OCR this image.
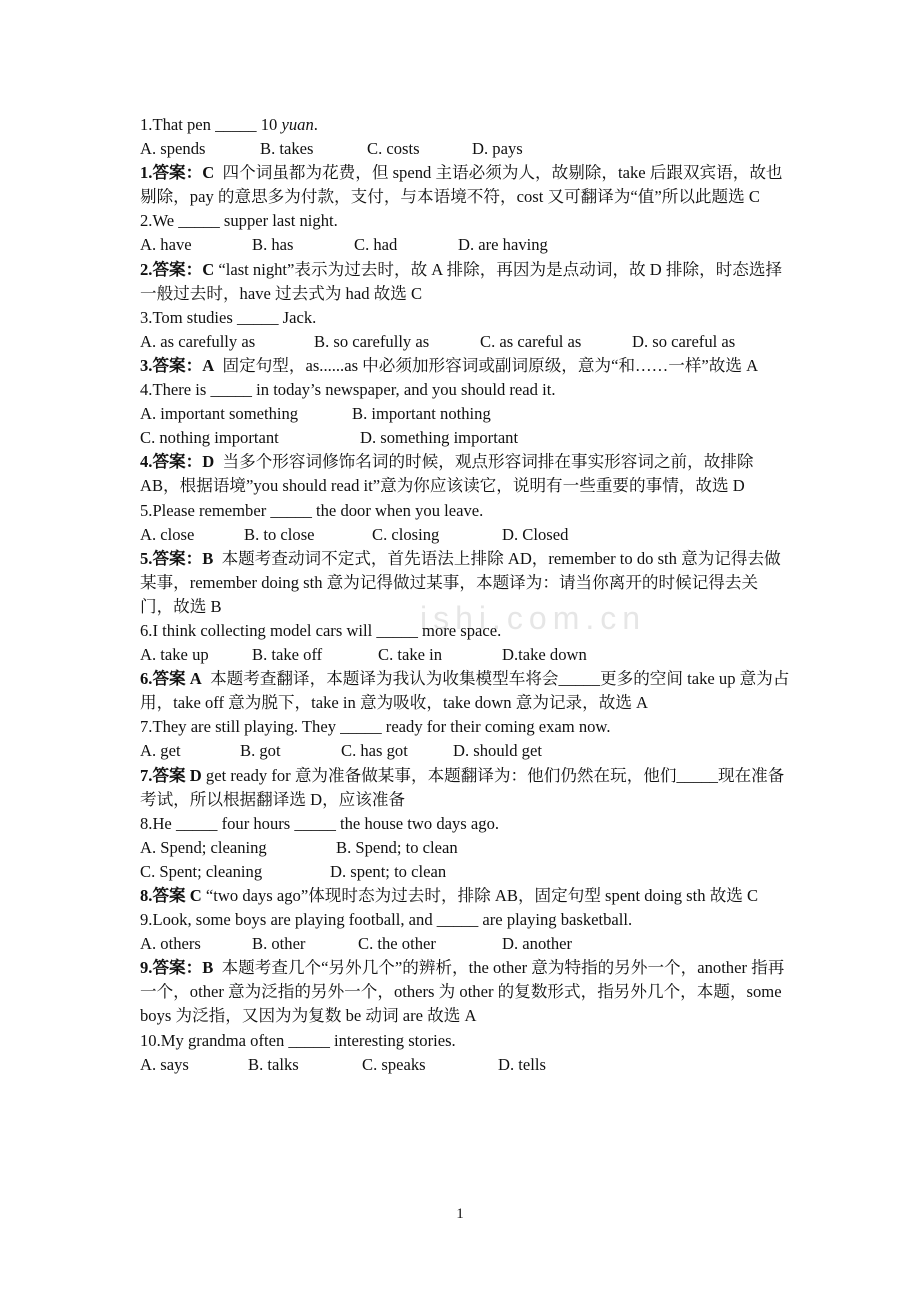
ishi.com.cn
1.That pen _____ 10 yuan.
A. spends	B. takes	C. costs	D. pays
1.答案：C 四个词虽都为花费，但 spend 主语必须为人，故剔除，take 后跟双宾语，故也剔除，pay 的意思多为付款，支付，与本语境不符，cost 又可翻译为“值”所以此题选 C
2.We _____ supper last night.
A. have	B. has	C. had	D. are having
2.答案：C “last night”表示为过去时，故 A 排除，再因为是点动词，故 D 排除，时态选择一般过去时，have 过去式为 had 故选 C
3.Tom studies _____ Jack.
A. as carefully as	B. so carefully as	C. as careful as	D. so careful as
3.答案：A 固定句型，as......as 中必须加形容词或副词原级，意为“和……一样”故选 A
4.There is _____ in today’s newspaper, and you should read it.
A. important something	B. important nothing
C. nothing important	D. something important
4.答案：D 当多个形容词修饰名词的时候，观点形容词排在事实形容词之前，故排除 AB，根据语境”you should read it”意为你应该读它，说明有一些重要的事情，故选 D
5.Please remember _____ the door when you leave.
A. close	B. to close	C. closing	D. Closed
5.答案：B 本题考查动词不定式，首先语法上排除 AD，remember to do sth 意为记得去做某事，remember doing sth 意为记得做过某事，本题译为：请当你离开的时候记得去关门，故选 B
6.I think collecting model cars will _____ more space.
A. take up	B. take off	C. take in	D.take down
6.答案 A 本题考查翻译，本题译为我认为收集模型车将会_____更多的空间 take up 意为占用，take off 意为脱下，take in 意为吸收，take down 意为记录，故选 A
7.They are still playing. They _____ ready for their coming exam now.
A. get	B. got	C. has got	D. should get
7.答案 D get ready for 意为准备做某事，本题翻译为：他们仍然在玩，他们_____现在准备考试，所以根据翻译选 D，应该准备
8.He _____ four hours _____ the house two days ago.
A. Spend; cleaning	B. Spend; to clean
C. Spent; cleaning	D. spent; to clean
8.答案 C “two days ago”体现时态为过去时，排除 AB，固定句型 spent doing sth 故选 C
9.Look, some boys are playing football, and _____ are playing basketball.
A. others	B. other	C. the other	D. another
9.答案：B 本题考查几个“另外几个”的辨析，the other 意为特指的另外一个，another 指再一个，other 意为泛指的另外一个，others 为 other 的复数形式，指另外几个，本题，some boys 为泛指，又因为为复数 be 动词 are 故选 A
10.My grandma often _____ interesting stories.
A. says	B. talks	C. speaks	D. tells
1
